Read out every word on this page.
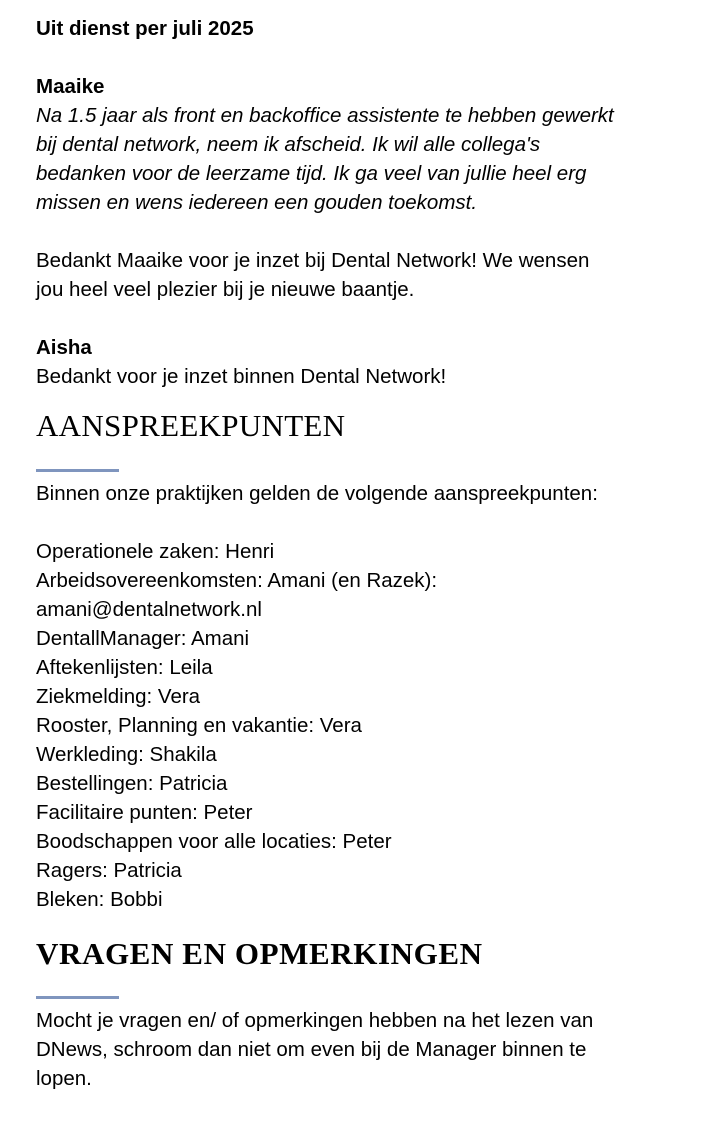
Uit dienst per juli 2025

Maaike

Na 1.5 jaar als front en backoffice assistente te hebben gewerkt

bij dental network, neem ik afscheid. Ik wil alle collega's

bedanken voor de leerzame tijd. Ik ga veel van jullie heel erg

missen en wens iedereen een gouden toekomst.

Bedankt Maaike voor je inzet bij Dental Network! We wensen

jou heel veel plezier bij je nieuwe baantje.

Aisha

Bedankt voor je inzet binnen Dental Network!

AANSPREEKPUNTEN

Binnen onze praktijken gelden de volgende aanspreekpunten:

Operationele zaken: Henri

Arbeidsovereenkomsten: Amani (en Razek):

amani@dentalnetwork.nl

DentallManager: Amani

Aftekenlijsten: Leila

Ziekmelding: Vera

Rooster, Planning en vakantie: Vera

Werkleding: Shakila

Bestellingen: Patricia

Facilitaire punten: Peter

Boodschappen voor alle locaties: Peter

Ragers: Patricia

Bleken: Bobbi

VRAGEN EN OPMERKINGEN

Mocht je vragen en/ of opmerkingen hebben na het lezen van

DNews, schroom dan niet om even bij de Manager binnen te

lopen.
